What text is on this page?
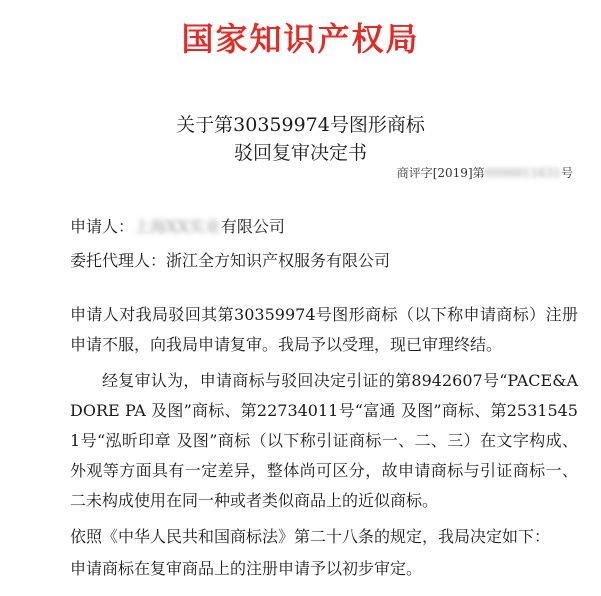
国家知识产权局
关于第30359974号图形商标
驳回复审决定书
商评字[2019]第0000011631号
申请人：上海XX实业有限公司
委托代理人：浙江全方知识产权服务有限公司
申请人对我局驳回其第30359974号图形商标（以下称申请商标）注册申请不服，向我局申请复审。我局予以受理，现已审理终结。
经复审认为，申请商标与驳回决定引证的第8942607号“PACE&ADORE PA 及图”商标、第22734011号“富通 及图”商标、第25315451号“泓昕印章 及图”商标（以下称引证商标一、二、三）在文字构成、外观等方面具有一定差异，整体尚可区分，故申请商标与引证商标一、二未构成使用在同一种或者类似商品上的近似商标。
依照《中华人民共和国商标法》第二十八条的规定，我局决定如下：
申请商标在复审商品上的注册申请予以初步审定。
